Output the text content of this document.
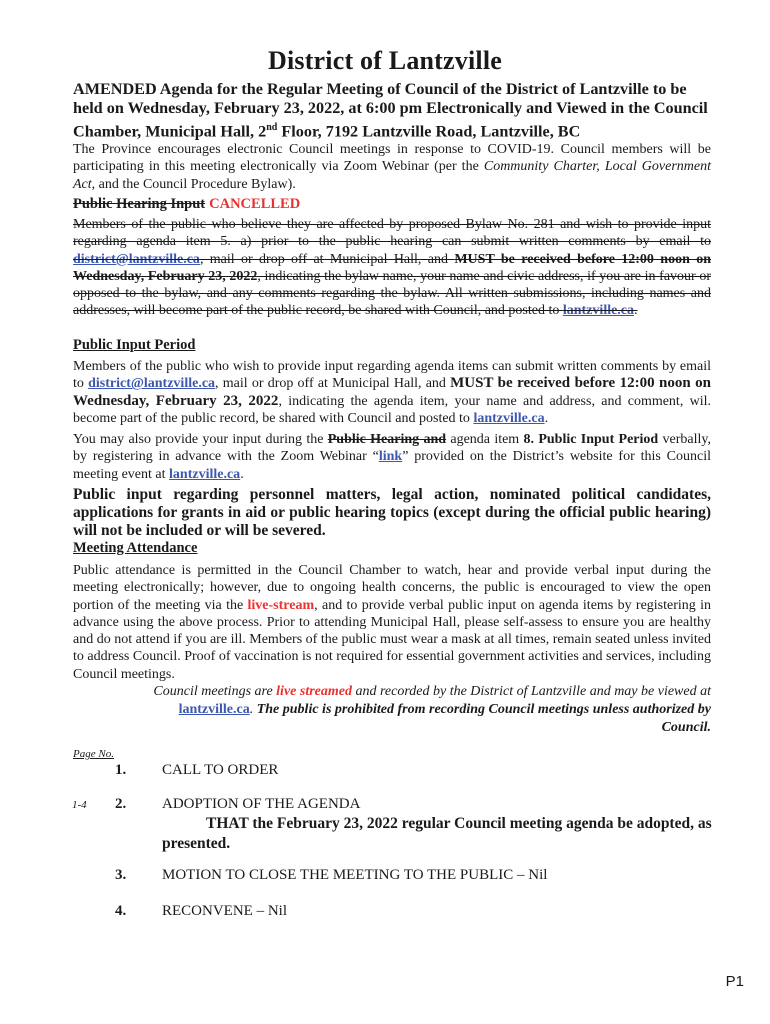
District of Lantzville
AMENDED Agenda for the Regular Meeting of Council of the District of Lantzville to be held on Wednesday, February 23, 2022, at 6:00 pm Electronically and Viewed in the Council Chamber, Municipal Hall, 2nd Floor, 7192 Lantzville Road, Lantzville, BC
The Province encourages electronic Council meetings in response to COVID-19. Council members will be participating in this meeting electronically via Zoom Webinar (per the Community Charter, Local Government Act, and the Council Procedure Bylaw).
Public Hearing Input CANCELLED
Members of the public who believe they are affected by proposed Bylaw No. 281 and wish to provide input regarding agenda item 5. a) prior to the public hearing can submit written comments by email to district@lantzville.ca, mail or drop off at Municipal Hall, and MUST be received before 12:00 noon on Wednesday, February 23, 2022, indicating the bylaw name, your name and civic address, if you are in favour or opposed to the bylaw, and any comments regarding the bylaw. All written submissions, including names and addresses, will become part of the public record, be shared with Council, and posted to lantzville.ca.
Public Input Period
Members of the public who wish to provide input regarding agenda items can submit written comments by email to district@lantzville.ca, mail or drop off at Municipal Hall, and MUST be received before 12:00 noon on Wednesday, February 23, 2022, indicating the agenda item, your name and address, and comment, wil. become part of the public record, be shared with Council and posted to lantzville.ca.
You may also provide your input during the Public Hearing and agenda item 8. Public Input Period verbally, by registering in advance with the Zoom Webinar “link” provided on the District’s website for this Council meeting event at lantzville.ca.
Public input regarding personnel matters, legal action, nominated political candidates, applications for grants in aid or public hearing topics (except during the official public hearing) will not be included or will be severed.
Meeting Attendance
Public attendance is permitted in the Council Chamber to watch, hear and provide verbal input during the meeting electronically; however, due to ongoing health concerns, the public is encouraged to view the open portion of the meeting via the live-stream, and to provide verbal public input on agenda items by registering in advance using the above process. Prior to attending Municipal Hall, please self-assess to ensure you are healthy and do not attend if you are ill. Members of the public must wear a mask at all times, remain seated unless invited to address Council. Proof of vaccination is not required for essential government activities and services, including Council meetings.
Council meetings are live streamed and recorded by the District of Lantzville and may be viewed at lantzville.ca. The public is prohibited from recording Council meetings unless authorized by Council.
Page No.
1. CALL TO ORDER
1-4 2. ADOPTION OF THE AGENDA
THAT the February 23, 2022 regular Council meeting agenda be adopted, as presented.
3. MOTION TO CLOSE THE MEETING TO THE PUBLIC – Nil
4. RECONVENE – Nil
P1
